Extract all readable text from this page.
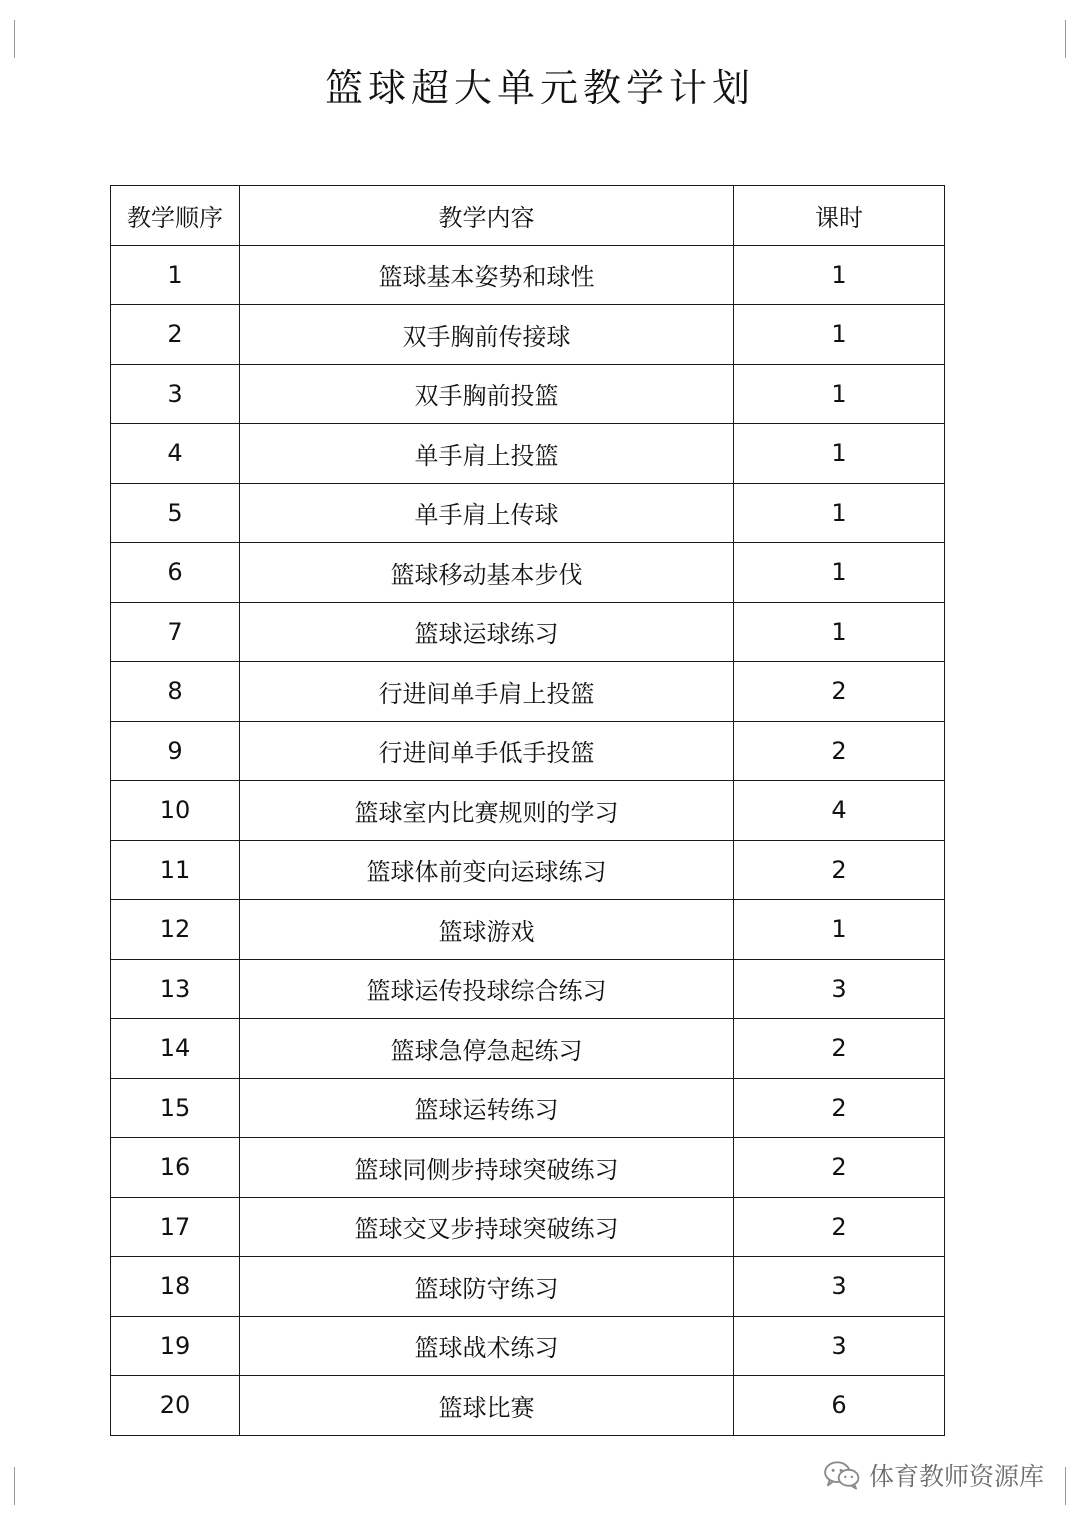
篮球超大单元教学计划
教学顺序	教学内容	课时
1	篮球基本姿势和球性	1
2	双手胸前传接球	1
3	双手胸前投篮	1
4	单手肩上投篮	1
5	单手肩上传球	1
6	篮球移动基本步伐	1
7	篮球运球练习	1
8	行进间单手肩上投篮	2
9	行进间单手低手投篮	2
10	篮球室内比赛规则的学习	4
11	篮球体前变向运球练习	2
12	篮球游戏	1
13	篮球运传投球综合练习	3
14	篮球急停急起练习	2
15	篮球运转练习	2
16	篮球同侧步持球突破练习	2
17	篮球交叉步持球突破练习	2
18	篮球防守练习	3
19	篮球战术练习	3
20	篮球比赛	6
体育教师资源库
